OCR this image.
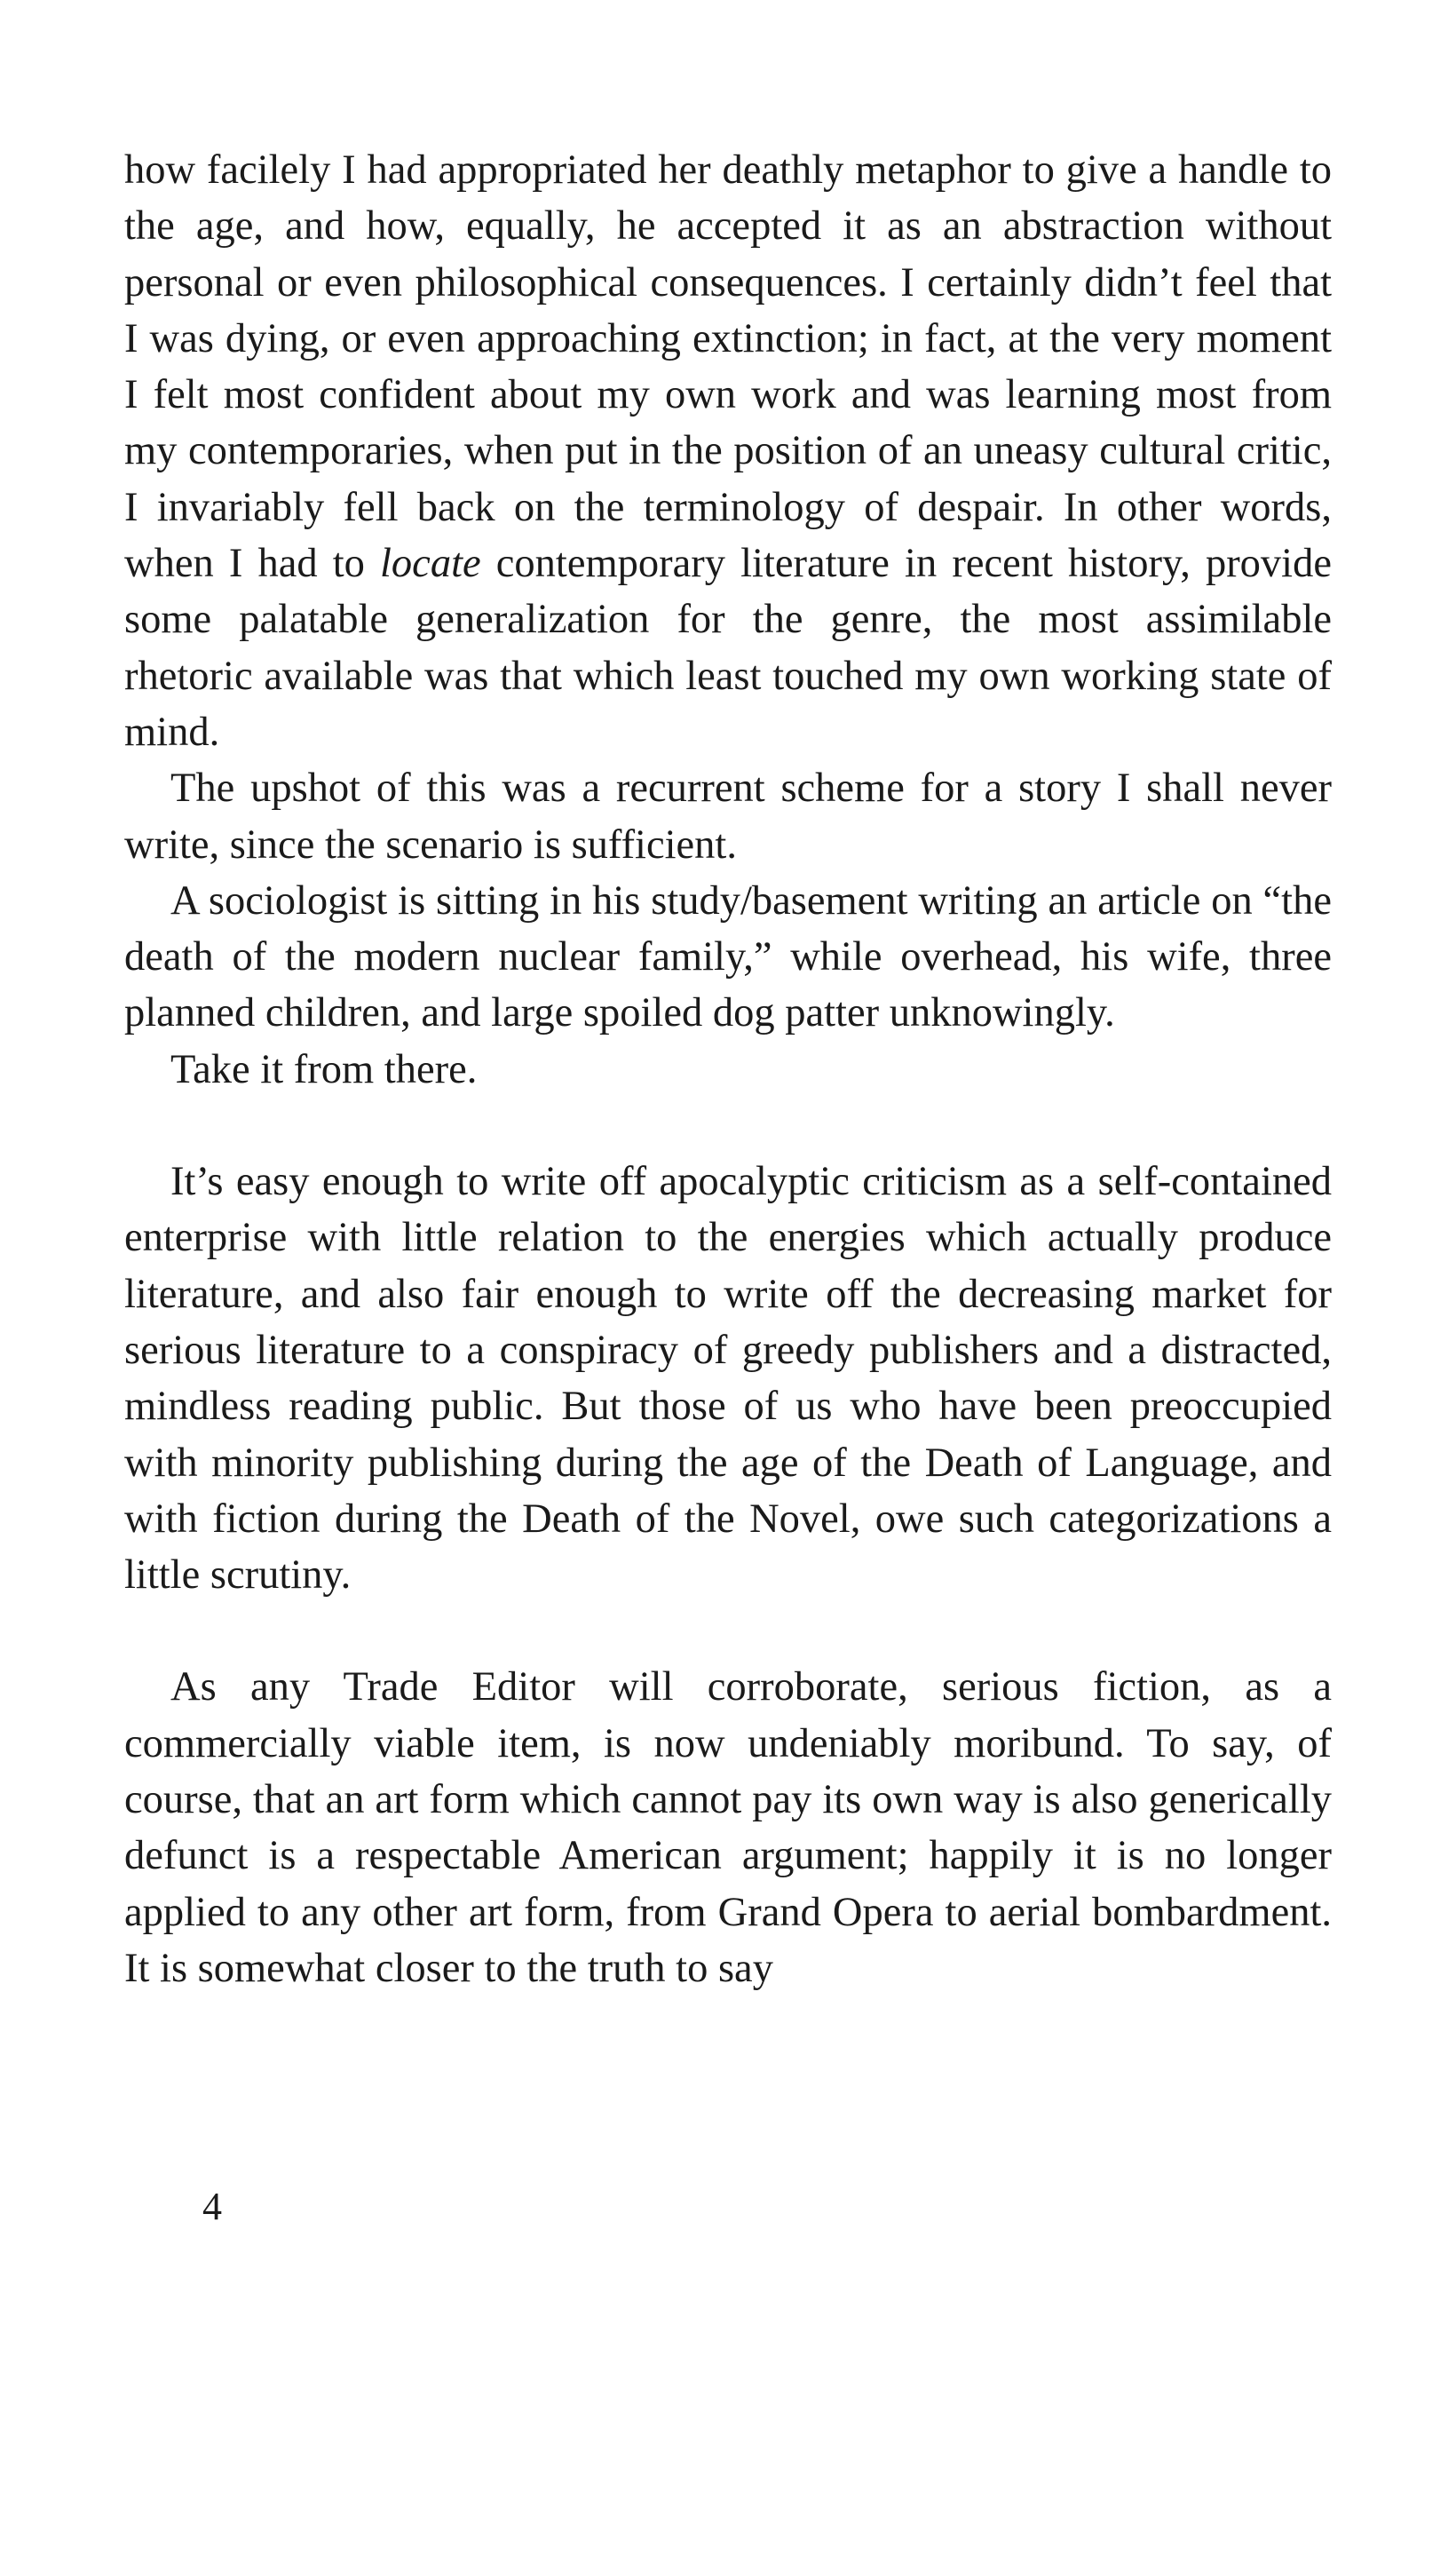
how facilely I had appropriated her deathly metaphor to give a handle to the age, and how, equally, he accepted it as an abstraction without personal or even philosophical consequences. I certainly didn’t feel that I was dying, or even approaching extinction; in fact, at the very moment I felt most confident about my own work and was learning most from my contemporaries, when put in the position of an uneasy cultural critic, I invariably fell back on the terminology of despair. In other words, when I had to locate contemporary literature in recent history, provide some palatable generalization for the genre, the most assimilable rhetoric available was that which least touched my own working state of mind.

The upshot of this was a recurrent scheme for a story I shall never write, since the scenario is sufficient.

A sociologist is sitting in his study/basement writing an article on “the death of the modern nuclear family,” while overhead, his wife, three planned children, and large spoiled dog patter unknowingly.

Take it from there.

It’s easy enough to write off apocalyptic criticism as a self-contained enterprise with little relation to the energies which actually produce literature, and also fair enough to write off the decreasing market for serious literature to a conspiracy of greedy publishers and a distracted, mindless reading public. But those of us who have been preoccupied with minority publishing during the age of the Death of Language, and with fiction during the Death of the Novel, owe such categorizations a little scrutiny.

As any Trade Editor will corroborate, serious fiction, as a commercially viable item, is now undeniably moribund. To say, of course, that an art form which cannot pay its own way is also generically defunct is a respectable American argument; happily it is no longer applied to any other art form, from Grand Opera to aerial bombardment. It is somewhat closer to the truth to say

4
